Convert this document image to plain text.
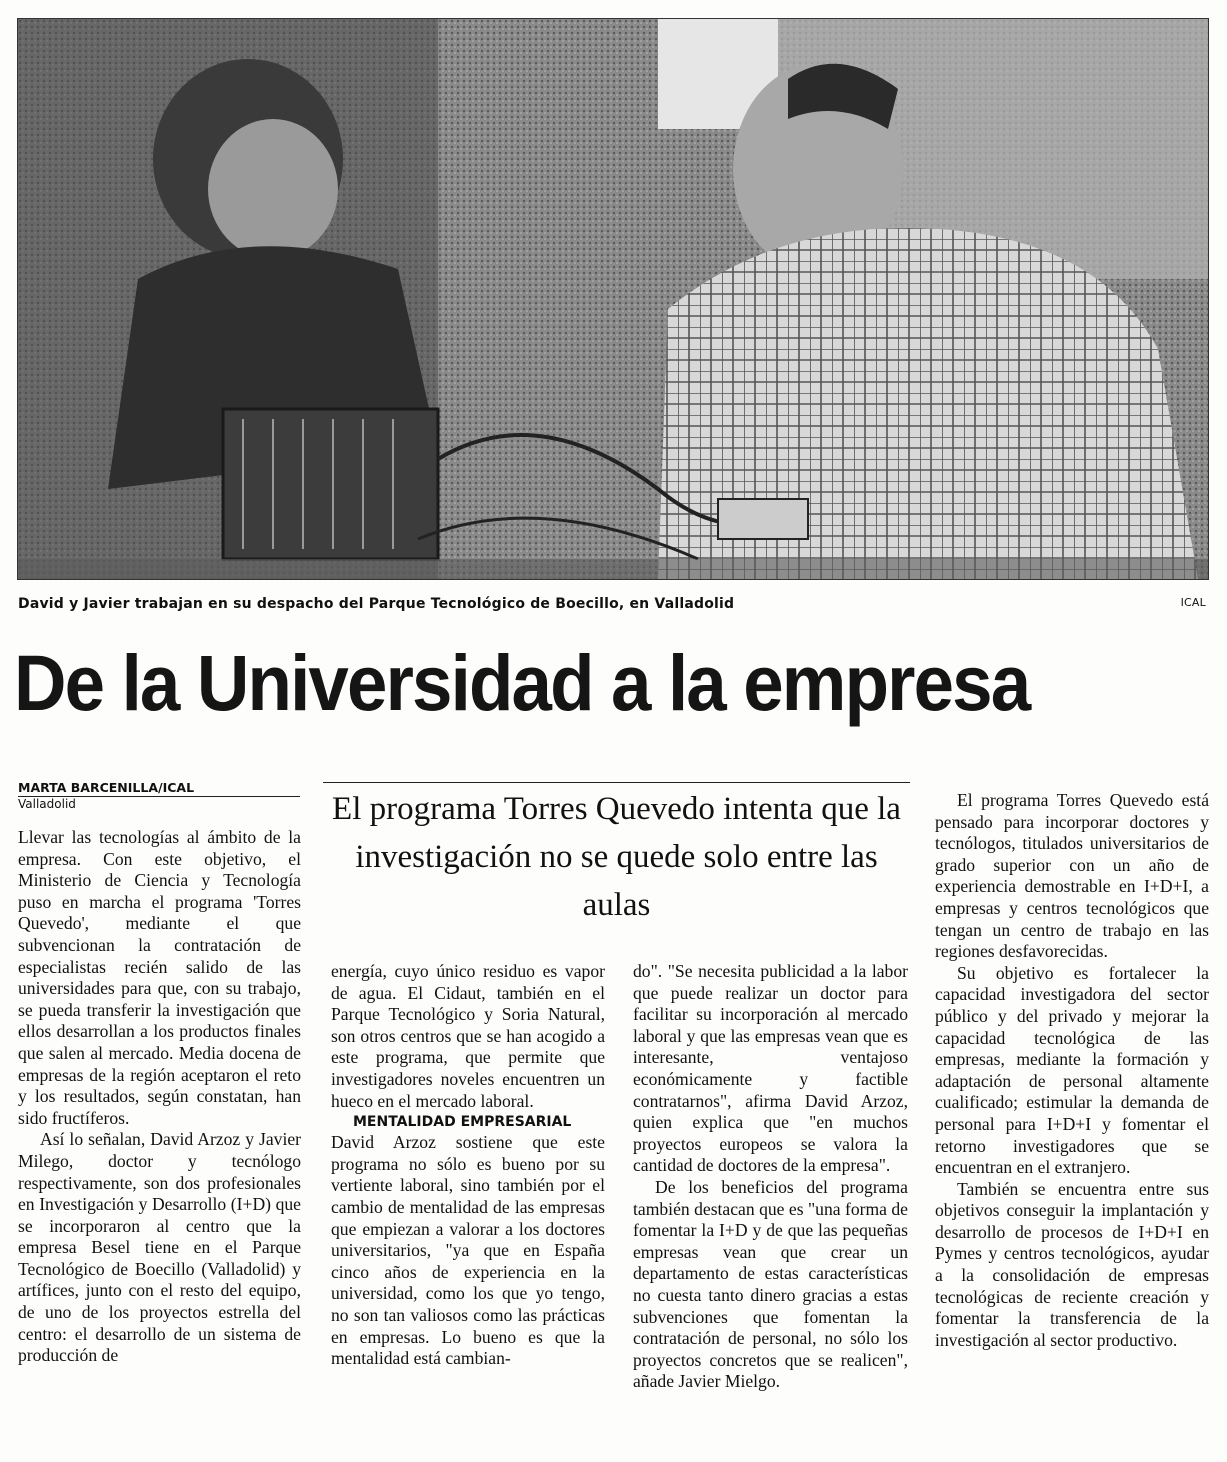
David y Javier trabajan en su despacho del Parque Tecnológico de Boecillo, en Valladolid	ICAL
De la Universidad a la empresa
MARTA BARCENILLA/ICAL
Valladolid	El programa Torres Quevedo intenta que la investigación no se quede solo entre las aulas

Llevar las tecnologías al ámbito de la empresa. Con este objetivo, el Ministerio de Ciencia y Tecnología puso en marcha el programa 'Torres Quevedo', mediante el que subvencionan la contratación de especialistas recién salido de las universidades para que, con su trabajo, se pueda transferir la investigación que ellos desarrollan a los productos finales que salen al mercado. Media docena de empresas de la región aceptaron el reto y los resultados, según constatan, han sido fructíferos.

Así lo señalan, David Arzoz y Javier Milego, doctor y tecnólogo respectivamente, son dos profesionales en Investigación y Desarrollo (I+D) que se incorporaron al centro que la empresa Besel tiene en el Parque Tecnológico de Boecillo (Valladolid) y artífices, junto con el resto del equipo, de uno de los proyectos estrella del centro: el desarrollo de un sistema de producción de

energía, cuyo único residuo es vapor de agua. El Cidaut, también en el Parque Tecnológico y Soria Natural, son otros centros que se han acogido a este programa, que permite que investigadores noveles encuentren un hueco en el mercado laboral.

MENTALIDAD EMPRESARIAL

David Arzoz sostiene que este programa no sólo es bueno por su vertiente laboral, sino también por el cambio de mentalidad de las empresas que empiezan a valorar a los doctores universitarios, "ya que en España cinco años de experiencia en la universidad, como los que yo tengo, no son tan valiosos como las prácticas en empresas. Lo bueno es que la mentalidad está cambian-

do". "Se necesita publicidad a la labor que puede realizar un doctor para facilitar su incorporación al mercado laboral y que las empresas vean que es interesante, ventajoso económicamente y factible contratarnos", afirma David Arzoz, quien explica que "en muchos proyectos europeos se valora la cantidad de doctores de la empresa".

De los beneficios del programa también destacan que es "una forma de fomentar la I+D y de que las pequeñas empresas vean que crear un departamento de estas características no cuesta tanto dinero gracias a estas subvenciones que fomentan la contratación de personal, no sólo los proyectos concretos que se realicen", añade Javier Mielgo.

El programa Torres Quevedo está pensado para incorporar doctores y tecnólogos, titulados universitarios de grado superior con un año de experiencia demostrable en I+D+I, a empresas y centros tecnológicos que tengan un centro de trabajo en las regiones desfavorecidas.

Su objetivo es fortalecer la capacidad investigadora del sector público y del privado y mejorar la capacidad tecnológica de las empresas, mediante la formación y adaptación de personal altamente cualificado; estimular la demanda de personal para I+D+I y fomentar el retorno investigadores que se encuentran en el extranjero.

También se encuentra entre sus objetivos conseguir la implantación y desarrollo de procesos de I+D+I en Pymes y centros tecnológicos, ayudar a la consolidación de empresas tecnológicas de reciente creación y fomentar la transferencia de la investigación al sector productivo.
